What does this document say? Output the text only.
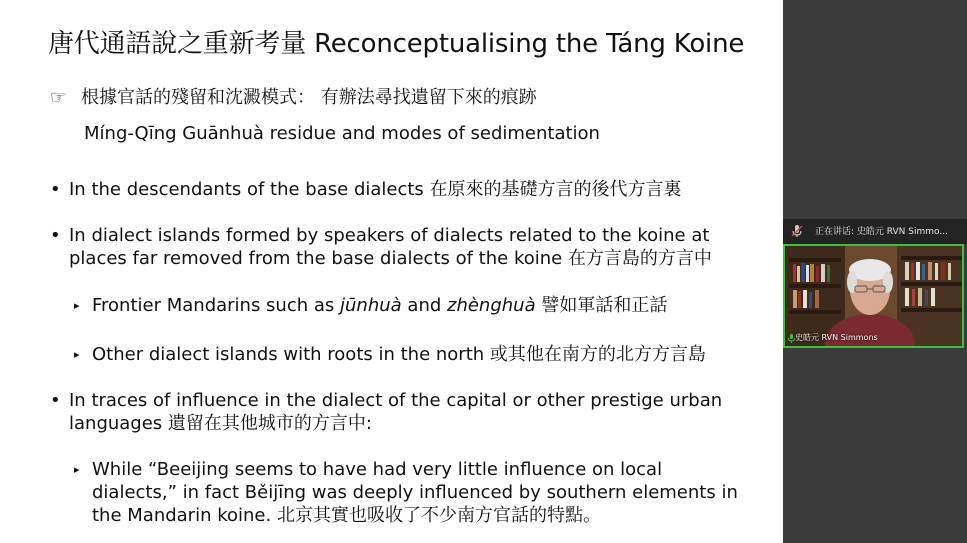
唐代通語說之重新考量 Reconceptualising the Táng Koine
☞ 根據官話的殘留和沈澱模式： 有辦法尋找遺留下來的痕跡
Míng-Qīng Guānhuà residue and modes of sedimentation
• In the descendants of the base dialects 在原來的基礎方言的後代方言裏
• In dialect islands formed by speakers of dialects related to the koine at
places far removed from the base dialects of the koine 在方言島的方言中
▸ Frontier Mandarins such as jūnhuà and zhènghuà 譬如軍話和正話
▸ Other dialect islands with roots in the north 或其他在南方的北方方言島
• In traces of influence in the dialect of the capital or other prestige urban
languages 遺留在其他城市的方言中:
▸ While “Beeijing seems to have had very little influence on local
dialects,” in fact Běijīng was deeply influenced by southern elements in
the Mandarin koine. 北京其實也吸收了不少南方官話的特點。
正在讲话: 史皓元 RVN Simmo...
史皓元 RVN Simmons
